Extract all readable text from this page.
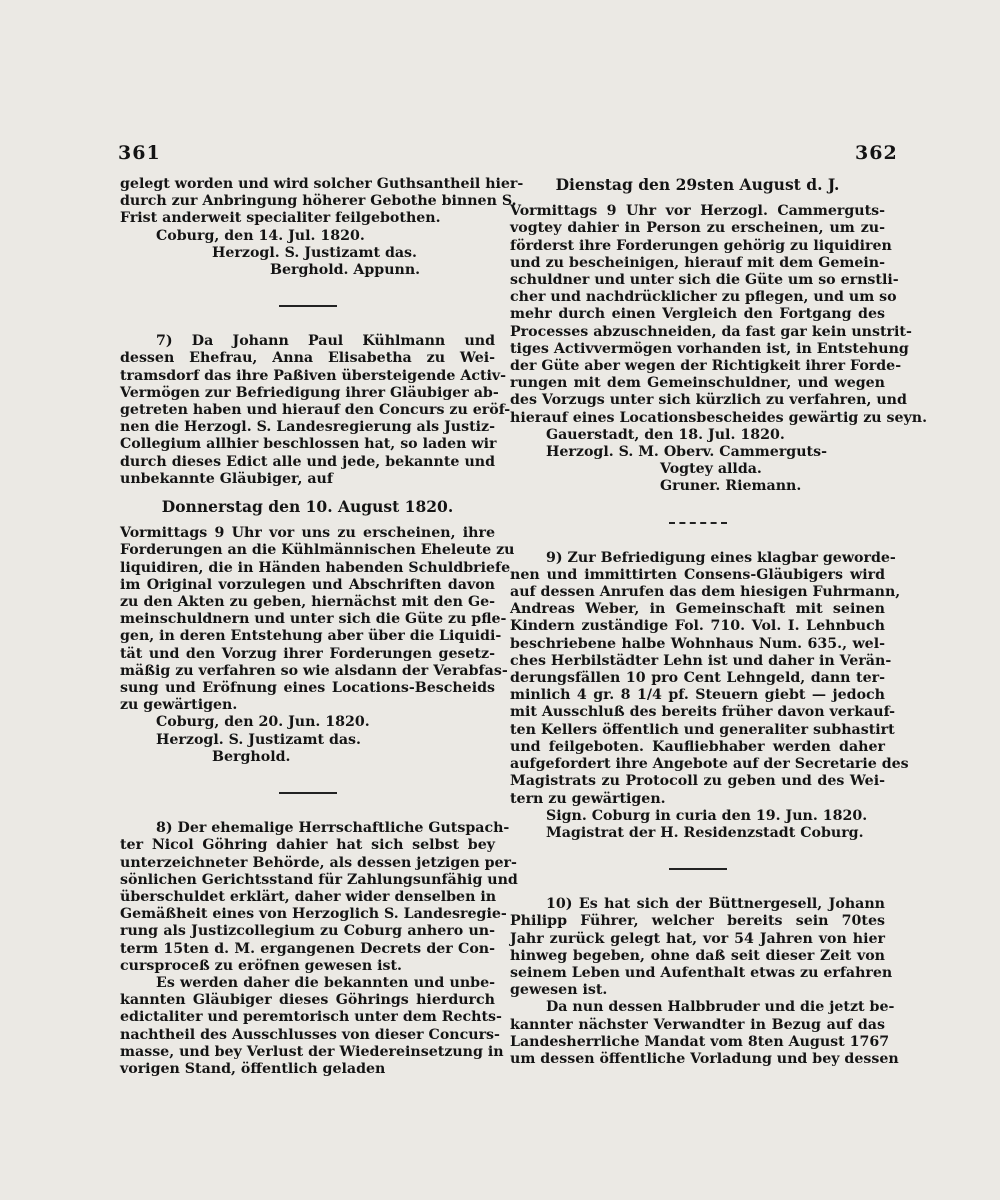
361	362
gelegt worden und wird solcher Guthsantheil hier-
durch zur Anbringung höherer Gebothe binnen S.
Frist anderweit specialiter feilgebothen.
Coburg, den 14. Jul. 1820.
Herzogl. S. Justizamt das.
Berghold. Appunn.
7) Da Johann Paul Kühlmann und
dessen Ehefrau, Anna Elisabetha zu Wei-
tramsdorf das ihre Paßiven übersteigende Activ-
Vermögen zur Befriedigung ihrer Gläubiger ab-
getreten haben und hierauf den Concurs zu eröf-
nen die Herzogl. S. Landesregierung als Justiz-
Collegium allhier beschlossen hat, so laden wir
durch dieses Edict alle und jede, bekannte und
unbekannte Gläubiger, auf
Donnerstag den 10. August 1820.
Vormittags 9 Uhr vor uns zu erscheinen, ihre
Forderungen an die Kühlmännischen Eheleute zu
liquidiren, die in Händen habenden Schuldbriefe
im Original vorzulegen und Abschriften davon
zu den Akten zu geben, hiernächst mit den Ge-
meinschuldnern und unter sich die Güte zu pfle-
gen, in deren Entstehung aber über die Liquidi-
tät und den Vorzug ihrer Forderungen gesetz-
mäßig zu verfahren so wie alsdann der Verabfas-
sung und Eröfnung eines Locations-Bescheids
zu gewärtigen.
Coburg, den 20. Jun. 1820.
Herzogl. S. Justizamt das.
Berghold.
8) Der ehemalige Herrschaftliche Gutspach-
ter Nicol Göhring dahier hat sich selbst bey
unterzeichneter Behörde, als dessen jetzigen per-
sönlichen Gerichtsstand für Zahlungsunfähig und
überschuldet erklärt, daher wider denselben in
Gemäßheit eines von Herzoglich S. Landesregie-
rung als Justizcollegium zu Coburg anhero un-
term 15ten d. M. ergangenen Decrets der Con-
cursproceß zu eröfnen gewesen ist.
Es werden daher die bekannten und unbe-
kannten Gläubiger dieses Göhrings hierdurch
edictaliter und peremtorisch unter dem Rechts-
nachtheil des Ausschlusses von dieser Concurs-
masse, und bey Verlust der Wiedereinsetzung in
vorigen Stand, öffentlich geladen
Dienstag den 29sten August d. J.
Vormittags 9 Uhr vor Herzogl. Cammerguts-
vogtey dahier in Person zu erscheinen, um zu-
förderst ihre Forderungen gehörig zu liquidiren
und zu bescheinigen, hierauf mit dem Gemein-
schuldner und unter sich die Güte um so ernstli-
cher und nachdrücklicher zu pflegen, und um so
mehr durch einen Vergleich den Fortgang des
Processes abzuschneiden, da fast gar kein unstrit-
tiges Activvermögen vorhanden ist, in Entstehung
der Güte aber wegen der Richtigkeit ihrer Forde-
rungen mit dem Gemeinschuldner, und wegen
des Vorzugs unter sich kürzlich zu verfahren, und
hierauf eines Locationsbescheides gewärtig zu seyn.
Gauerstadt, den 18. Jul. 1820.
Herzogl. S. M. Oberv. Cammerguts-
Vogtey allda.
Gruner. Riemann.
9) Zur Befriedigung eines klagbar geworde-
nen und immittirten Consens-Gläubigers wird
auf dessen Anrufen das dem hiesigen Fuhrmann,
Andreas Weber, in Gemeinschaft mit seinen
Kindern zuständige Fol. 710. Vol. I. Lehnbuch
beschriebene halbe Wohnhaus Num. 635., wel-
ches Herbilstädter Lehn ist und daher in Verän-
derungsfällen 10 pro Cent Lehngeld, dann ter-
minlich 4 gr. 8 1/4 pf. Steuern giebt — jedoch
mit Ausschluß des bereits früher davon verkauf-
ten Kellers öffentlich und generaliter subhastirt
und feilgeboten. Kaufliebhaber werden daher
aufgefordert ihre Angebote auf der Secretarie des
Magistrats zu Protocoll zu geben und des Wei-
tern zu gewärtigen.
Sign. Coburg in curia den 19. Jun. 1820.
Magistrat der H. Residenzstadt Coburg.
10) Es hat sich der Büttnergesell, Johann
Philipp Führer, welcher bereits sein 70tes
Jahr zurück gelegt hat, vor 54 Jahren von hier
hinweg begeben, ohne daß seit dieser Zeit von
seinem Leben und Aufenthalt etwas zu erfahren
gewesen ist.
Da nun dessen Halbbruder und die jetzt be-
kannter nächster Verwandter in Bezug auf das
Landesherrliche Mandat vom 8ten August 1767
um dessen öffentliche Vorladung und bey dessen
